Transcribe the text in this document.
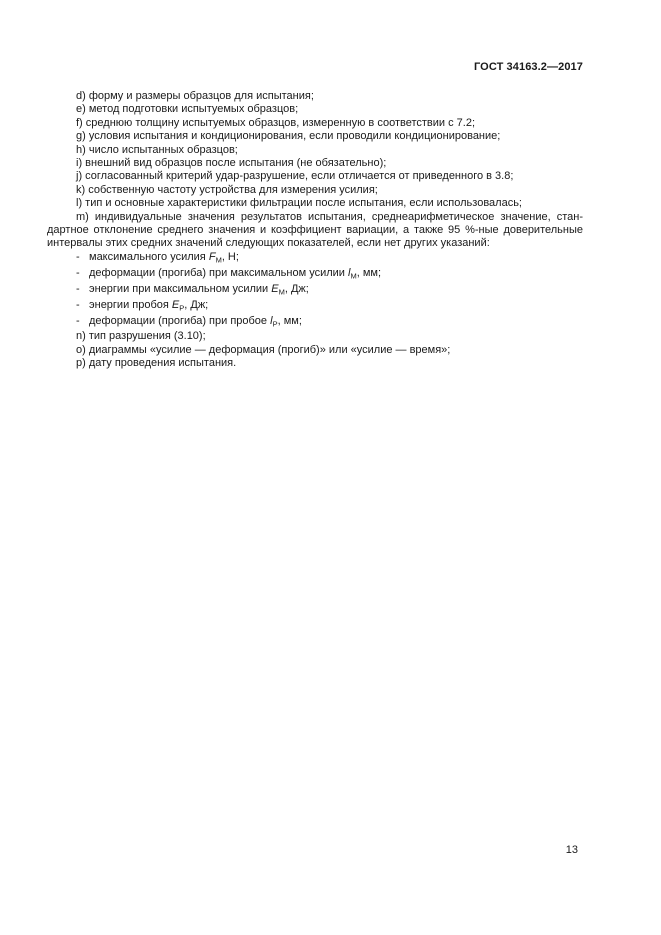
ГОСТ 34163.2—2017
d) форму и размеры образцов для испытания;
е) метод подготовки испытуемых образцов;
f) среднюю толщину испытуемых образцов, измеренную в соответствии с 7.2;
g) условия испытания и кондиционирования, если проводили кондиционирование;
h) число испытанных образцов;
i) внешний вид образцов после испытания (не обязательно);
j) согласованный критерий удар-разрушение, если отличается от приведенного в 3.8;
k) собственную частоту устройства для измерения усилия;
l) тип и основные характеристики фильтрации после испытания, если использовалась;
m) индивидуальные значения результатов испытания, среднеарифметическое значение, стан-дартное отклонение среднего значения и коэффициент вариации, а также 95 %-ные доверительные интервалы этих средних значений следующих показателей, если нет других указаний:
- максимального усилия $F_M$, Н;
- деформации (прогиба) при максимальном усилии $l_M$, мм;
- энергии при максимальном усилии $E_M$, Дж;
- энергии пробоя $E_P$, Дж;
- деформации (прогиба) при пробое $l_P$, мм;
n) тип разрушения (3.10);
о) диаграммы «усилие — деформация (прогиб)» или «усилие — время»;
р) дату проведения испытания.
13
